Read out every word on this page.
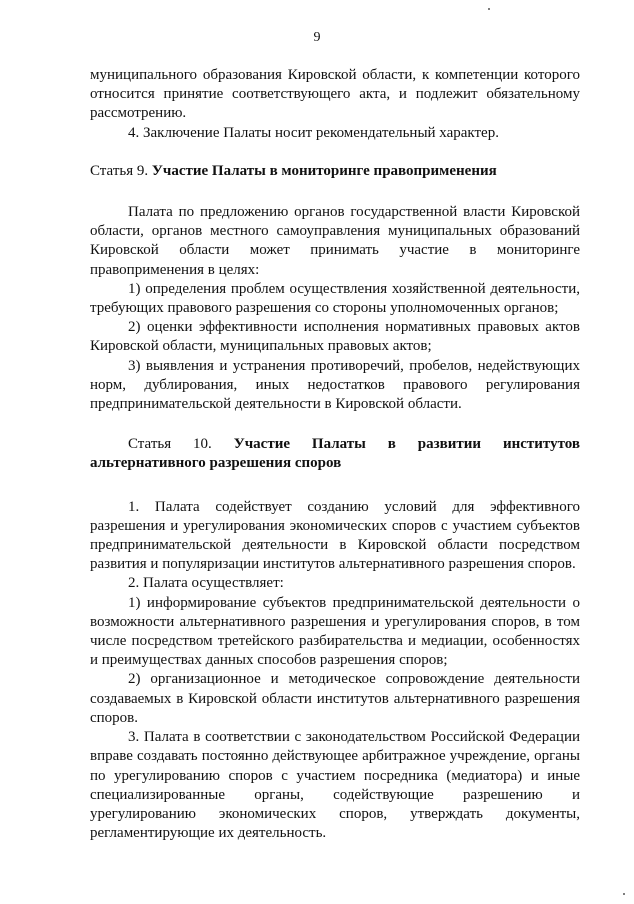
9

муниципального образования Кировской области, к компетенции которого относится принятие соответствующего акта, и подлежит обязательному рассмотрению.

4. Заключение Палаты носит рекомендательный характер.

Статья 9. Участие Палаты в мониторинге правоприменения

Палата по предложению органов государственной власти Кировской области, органов местного самоуправления муниципальных образований Кировской области может принимать участие в мониторинге правоприменения в целях:

1) определения проблем осуществления хозяйственной деятельности, требующих правового разрешения со стороны уполномоченных органов;

2) оценки эффективности исполнения нормативных правовых актов Кировской области, муниципальных правовых актов;

3) выявления и устранения противоречий, пробелов, недействующих норм, дублирования, иных недостатков правового регулирования предпринимательской деятельности в Кировской области.

Статья 10. Участие Палаты в развитии институтов альтернативного разрешения споров

1. Палата содействует созданию условий для эффективного разрешения и урегулирования экономических споров с участием субъектов предпринимательской деятельности в Кировской области посредством развития и популяризации институтов альтернативного разрешения споров.

2. Палата осуществляет:

1) информирование субъектов предпринимательской деятельности о возможности альтернативного разрешения и урегулирования споров, в том числе посредством третейского разбирательства и медиации, особенностях и преимуществах данных способов разрешения споров;

2) организационное и методическое сопровождение деятельности создаваемых в Кировской области институтов альтернативного разрешения споров.

3. Палата в соответствии с законодательством Российской Федерации вправе создавать постоянно действующее арбитражное учреждение, органы по урегулированию споров с участием посредника (медиатора) и иные специализированные органы, содействующие разрешению и урегулированию экономических споров, утверждать документы, регламентирующие их деятельность.
